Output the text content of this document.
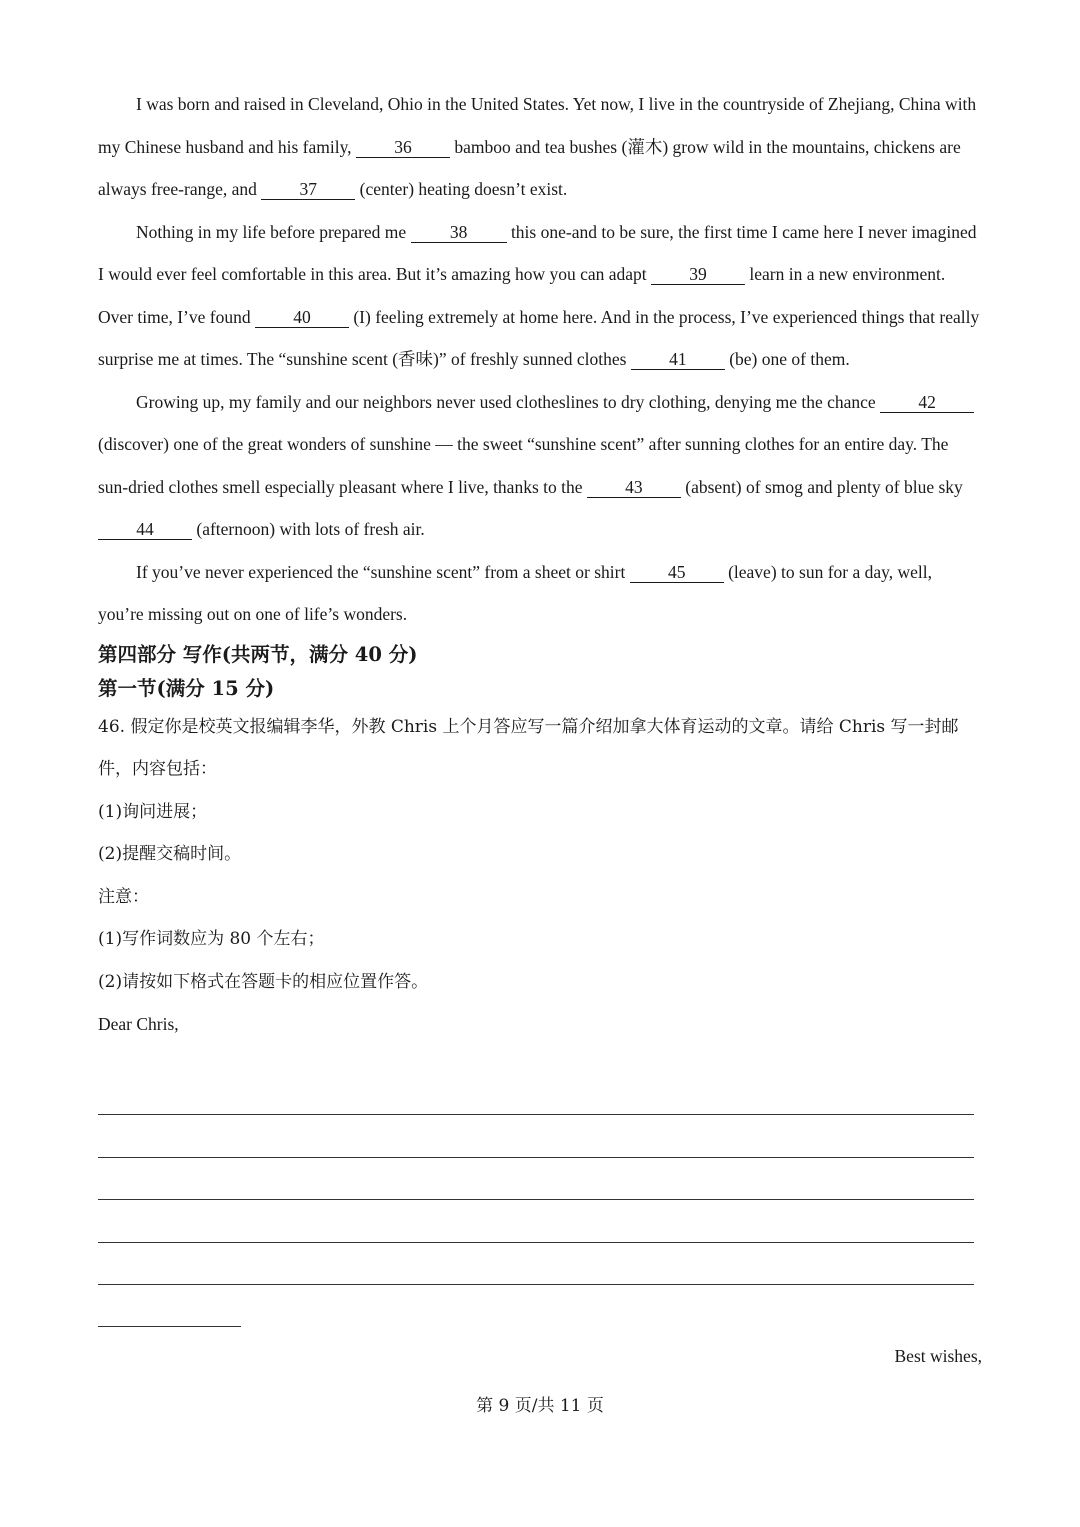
I was born and raised in Cleveland, Ohio in the United States. Yet now, I live in the countryside of Zhejiang, China with my Chinese husband and his family, 36 bamboo and tea bushes (灌木) grow wild in the mountains, chickens are always free-range, and 37 (center) heating doesn’t exist.

Nothing in my life before prepared me 38 this one-and to be sure, the first time I came here I never imagined I would ever feel comfortable in this area. But it’s amazing how you can adapt 39 learn in a new environment. Over time, I’ve found 40 (I) feeling extremely at home here. And in the process, I’ve experienced things that really surprise me at times. The “sunshine scent (香味)” of freshly sunned clothes 41 (be) one of them.

Growing up, my family and our neighbors never used clotheslines to dry clothing, denying me the chance 42 (discover) one of the great wonders of sunshine — the sweet “sunshine scent” after sunning clothes for an entire day. The sun-dried clothes smell especially pleasant where I live, thanks to the 43 (absent) of smog and plenty of blue sky 44 (afternoon) with lots of fresh air.

If you’ve never experienced the “sunshine scent” from a sheet or shirt 45 (leave) to sun for a day, well, you’re missing out on one of life’s wonders.

第四部分 写作(共两节，满分 40 分)

第一节(满分 15 分)

46. 假定你是校英文报编辑李华，外教 Chris 上个月答应写一篇介绍加拿大体育运动的文章。请给 Chris 写一封邮件，内容包括：

(1)询问进展；

(2)提醒交稿时间。

注意：

(1)写作词数应为 80 个左右；

(2)请按如下格式在答题卡的相应位置作答。

Dear Chris,

Best wishes,
第 9 页/共 11 页
